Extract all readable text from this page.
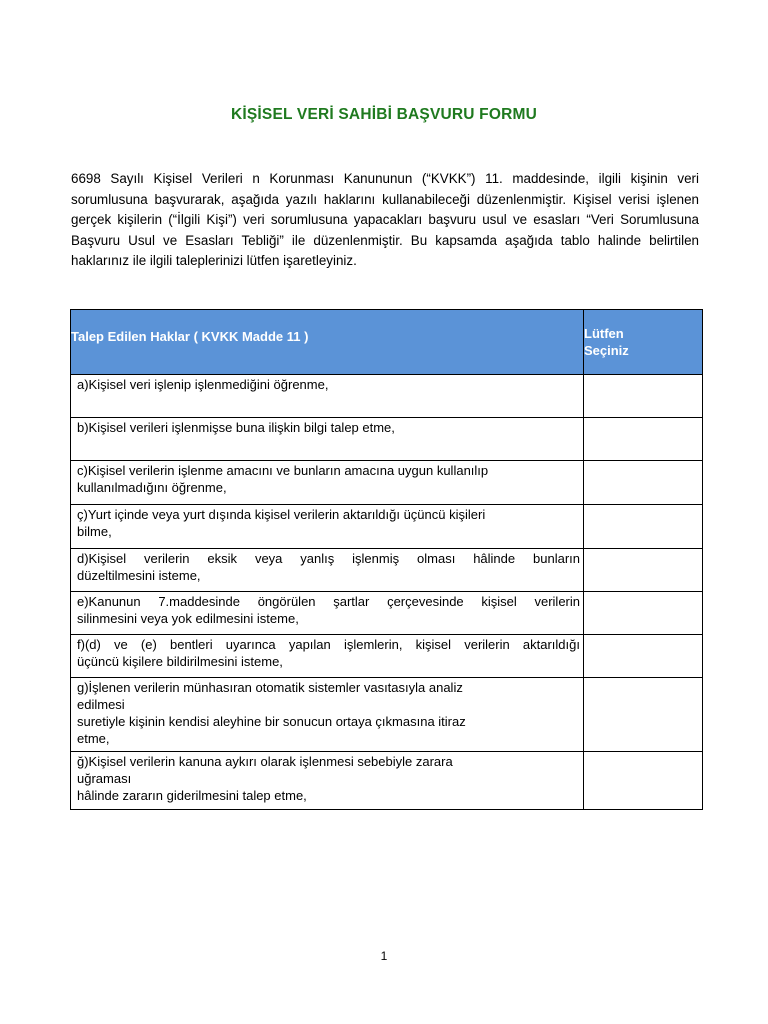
KİŞİSEL VERİ SAHİBİ BAŞVURU FORMU
6698 Sayılı Kişisel Verileri n Korunması Kanununun (“KVKK”) 11. maddesinde, ilgili kişinin veri sorumlusuna başvurarak, aşağıda yazılı haklarını kullanabileceği düzenlenmiştir. Kişisel verisi işlenen gerçek kişilerin (“İlgili Kişi”) veri sorumlusuna yapacakları başvuru usul ve esasları “Veri Sorumlusuna Başvuru Usul ve Esasları Tebliği” ile düzenlenmiştir. Bu kapsamda aşağıda tablo halinde belirtilen haklarınız ile ilgili taleplerinizi lütfen işaretleyiniz.
Talep Edilen Haklar ( KVKK Madde 11 )	Lütfen
Seçiniz

a)Kişisel veri işlenip işlenmediğini öğrenme,	

b)Kişisel verileri işlenmişse buna ilişkin bilgi talep etme,	

c)Kişisel verilerin işlenme amacını ve bunların amacına uygun kullanılıp
kullanılmadığını öğrenme,	

ç)Yurt içinde veya yurt dışında kişisel verilerin aktarıldığı üçüncü kişileri
bilme,	

d)Kişisel verilerin eksik veya yanlış işlenmiş olması hâlinde bunların
düzeltilmesini isteme,	

e)Kanunun 7.maddesinde öngörülen şartlar çerçevesinde kişisel verilerin
silinmesini veya yok edilmesini isteme,	

f)(d) ve (e) bentleri uyarınca yapılan işlemlerin, kişisel verilerin aktarıldığı
üçüncü kişilere bildirilmesini isteme,	

g)İşlenen verilerin münhasıran otomatik sistemler vasıtasıyla analiz
edilmesi
suretiyle kişinin kendisi aleyhine bir sonucun ortaya çıkmasına itiraz
etme,	

ğ)Kişisel verilerin kanuna aykırı olarak işlenmesi sebebiyle zarara
uğraması
hâlinde zararın giderilmesini talep etme,	

1
